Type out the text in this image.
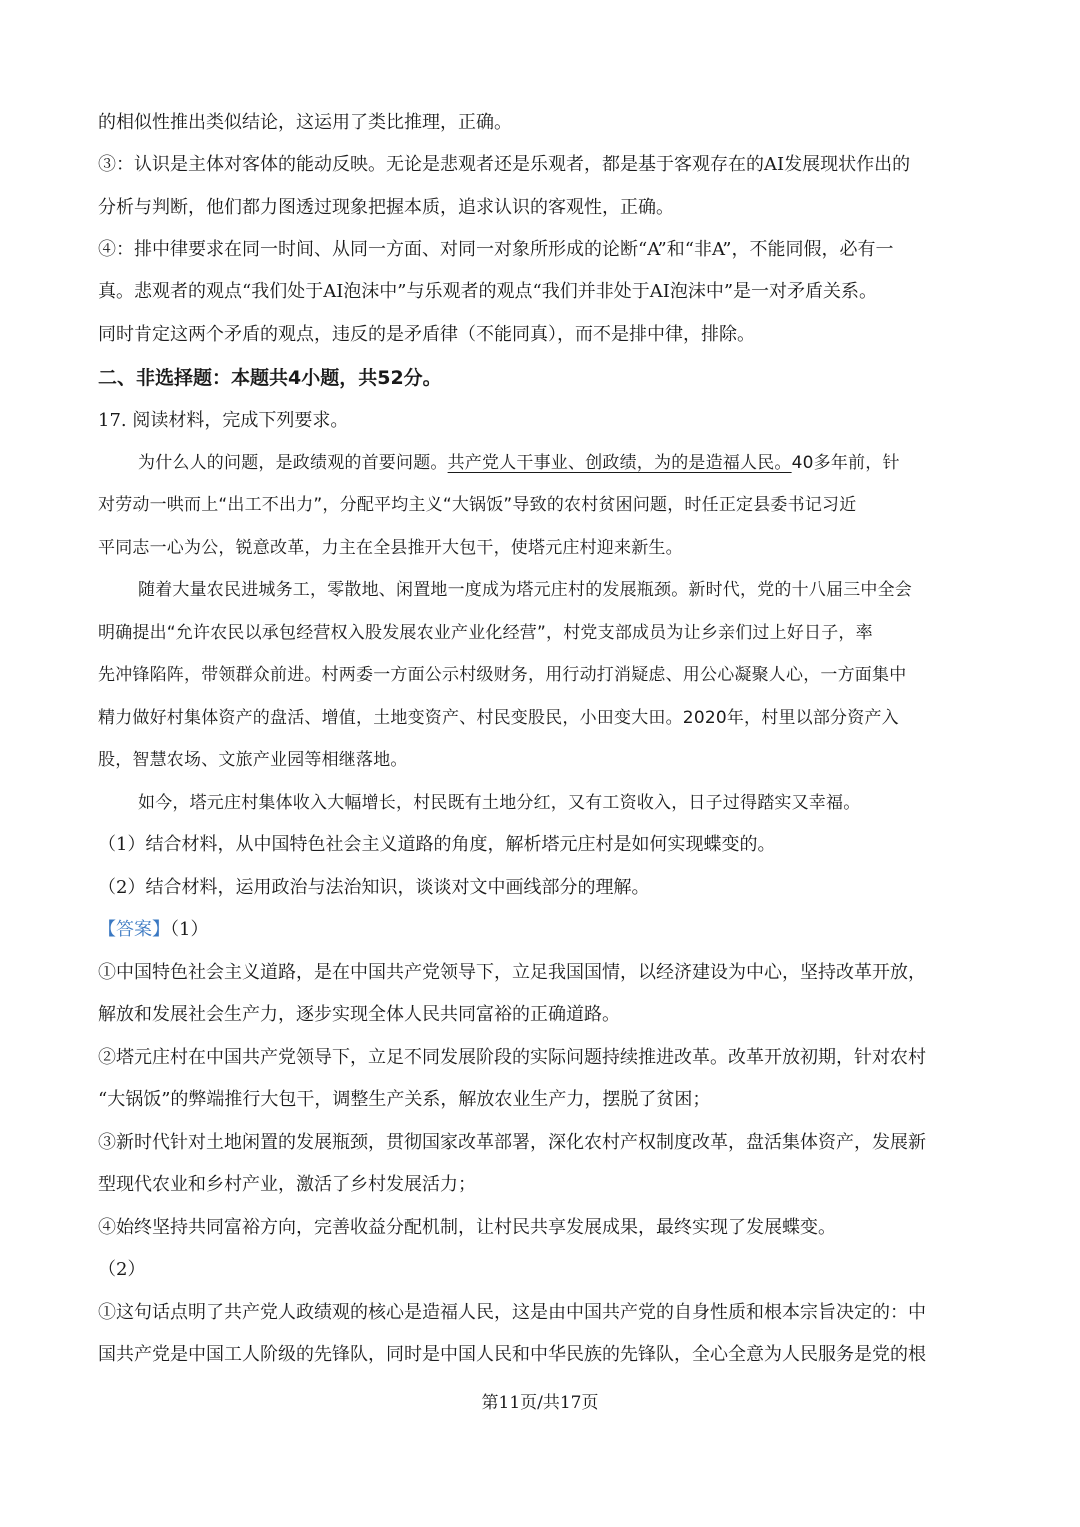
的相似性推出类似结论，这运用了类比推理，正确。
③：认识是主体对客体的能动反映。无论是悲观者还是乐观者，都是基于客观存在的AI发展现状作出的
分析与判断，他们都力图透过现象把握本质，追求认识的客观性，正确。
④：排中律要求在同一时间、从同一方面、对同一对象所形成的论断“A”和“非A”，不能同假，必有一
真。悲观者的观点“我们处于AI泡沫中”与乐观者的观点“我们并非处于AI泡沫中”是一对矛盾关系。
同时肯定这两个矛盾的观点，违反的是矛盾律（不能同真），而不是排中律，排除。
二、非选择题：本题共4小题，共52分。
17. 阅读材料，完成下列要求。
为什么人的问题，是政绩观的首要问题。共产党人干事业、创政绩，为的是造福人民。40多年前，针
对劳动一哄而上“出工不出力”，分配平均主义“大锅饭”导致的农村贫困问题，时任正定县委书记习近
平同志一心为公，锐意改革，力主在全县推开大包干，使塔元庄村迎来新生。
随着大量农民进城务工，零散地、闲置地一度成为塔元庄村的发展瓶颈。新时代，党的十八届三中全会
明确提出“允许农民以承包经营权入股发展农业产业化经营”，村党支部成员为让乡亲们过上好日子，率
先冲锋陷阵，带领群众前进。村两委一方面公示村级财务，用行动打消疑虑、用公心凝聚人心，一方面集中
精力做好村集体资产的盘活、增值，土地变资产、村民变股民，小田变大田。2020年，村里以部分资产入
股，智慧农场、文旅产业园等相继落地。
如今，塔元庄村集体收入大幅增长，村民既有土地分红，又有工资收入，日子过得踏实又幸福。
（1）结合材料，从中国特色社会主义道路的角度，解析塔元庄村是如何实现蝶变的。
（2）结合材料，运用政治与法治知识，谈谈对文中画线部分的理解。
【答案】（1）
①中国特色社会主义道路，是在中国共产党领导下，立足我国国情，以经济建设为中心，坚持改革开放，
解放和发展社会生产力，逐步实现全体人民共同富裕的正确道路。
②塔元庄村在中国共产党领导下，立足不同发展阶段的实际问题持续推进改革。改革开放初期，针对农村
“大锅饭”的弊端推行大包干，调整生产关系，解放农业生产力，摆脱了贫困；
③新时代针对土地闲置的发展瓶颈，贯彻国家改革部署，深化农村产权制度改革，盘活集体资产，发展新
型现代农业和乡村产业，激活了乡村发展活力；
④始终坚持共同富裕方向，完善收益分配机制，让村民共享发展成果，最终实现了发展蝶变。
（2）
①这句话点明了共产党人政绩观的核心是造福人民，这是由中国共产党的自身性质和根本宗旨决定的：中
国共产党是中国工人阶级的先锋队，同时是中国人民和中华民族的先锋队，全心全意为人民服务是党的根
第11页/共17页
